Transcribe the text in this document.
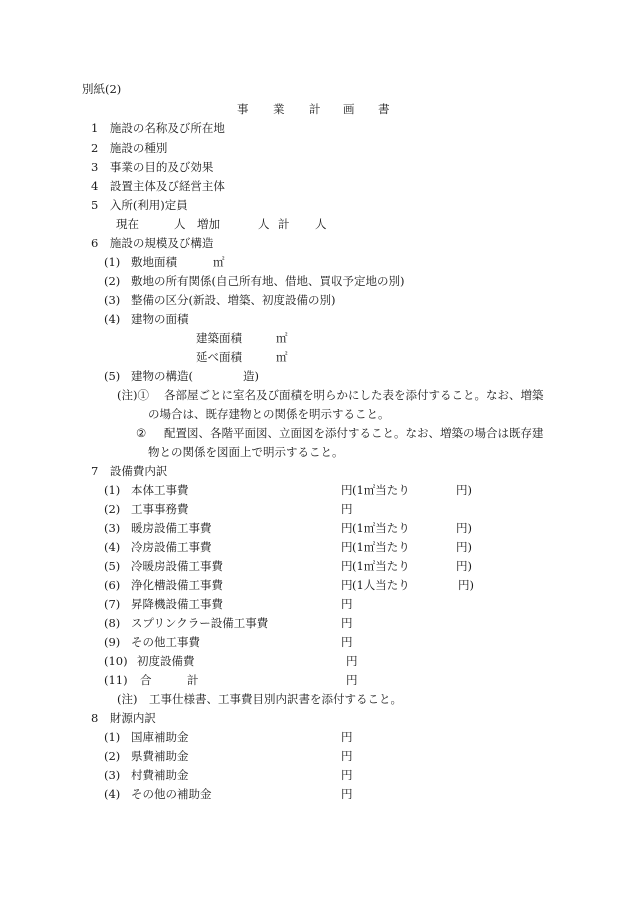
別紙(2)
事 業 計 画 書
1　施設の名称及び所在地
2　施設の種別
3　事業の目的及び効果
4　設置主体及び経営主体
5　入所(利用)定員
現在	人 増加	人 計 人
6　施設の規模及び構造
(1) 敷地面積	㎡
(2) 敷地の所有関係(自己所有地、借地、買収予定地の別)
(3) 整備の区分(新設、増築、初度設備の別)
(4) 建物の面積
建築面積	㎡
延べ面積	㎡
(5) 建物の構造(	造)
(注)① 各部屋ごとに室名及び面積を明らかにした表を添付すること。なお、増築
の場合は、既存建物との関係を明示すること。
② 配置図、各階平面図、立面図を添付すること。なお、増築の場合は既存建
物との関係を図面上で明示すること。
7　設備費内訳
(1) 本体工事費	円 (1㎡当たり	円)
(2) 工事事務費	円
(3) 暖房設備工事費	円 (1㎡当たり	円)
(4) 冷房設備工事費	円 (1㎡当たり	円)
(5) 冷暖房設備工事費	円 (1㎡当たり	円)
(6) 浄化槽設備工事費	円 (1人当たり	円)
(7) 昇降機設備工事費	円
(8) スプリンクラー設備工事費	円
(9) その他工事費	円
(10) 初度設備費	円
(11) 合	計	円
(注)　工事仕様書、工事費目別内訳書を添付すること。
8　財源内訳
(1) 国庫補助金	円
(2) 県費補助金	円
(3) 村費補助金	円
(4) その他の補助金	円
